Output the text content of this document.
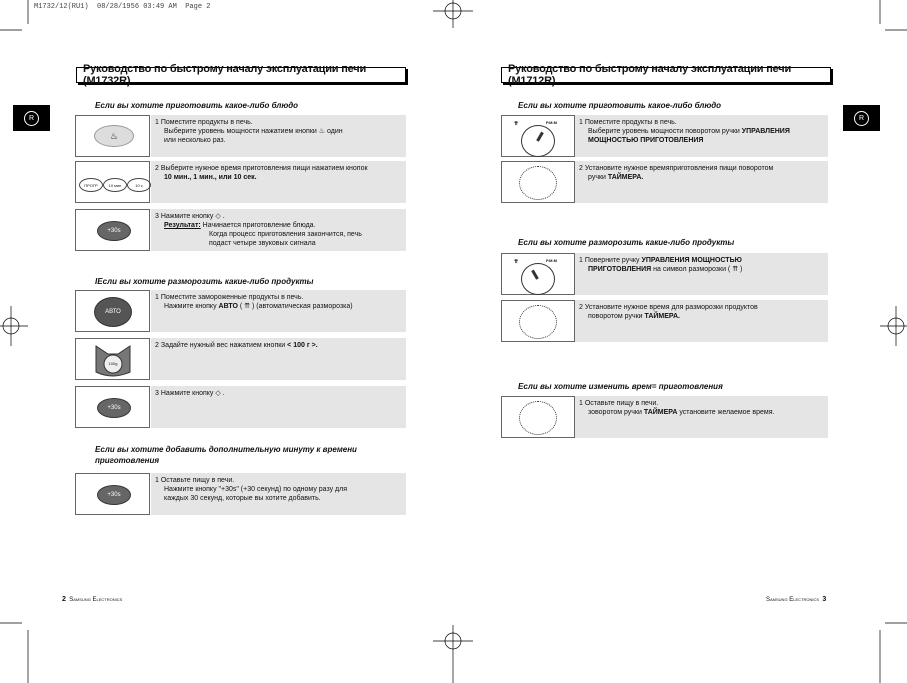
M1732/12(RU1)  08/28/1956 03:49 AM  Page 2
R	R
Руководство по быстрому началу эксплуатации печи (M1732R)
Если вы хотите приготовить какое-либо блюдо
♨

1 Поместите продукты в печь.

Выберите уровень мощности нажатием кнопки ♨ один

или несколько раз.

ПРОГР	10 мин	10 с

2 Выберите нужное время приготовления пищи нажатием кнопок

10 мин., 1 мин., или 10 сек.

+30s

3 Нажмите кнопку ◇ .

Результат: Начинается приготовление блюда.

Когда процесс приготовления закончится, печь

подаст четыре звуковых сигнала

IЕсли вы хотите разморозить какие-либо продукты
АВТО

1 Поместите замороженные продукты в печь.

Нажмите кнопку АВТО ( ⇈ ) (автоматическая разморозка)

100g

2 Задайте нужный вес нажатием кнопки < 100 г >.

+30s

3 Нажмите кнопку ◇ .

Если вы хотите добавить дополнительную минуту к времени приготовления
+30s

1 Оставьте пищу в печи.

Нажмите кнопку "+30s" (+30 секунд) по одному разу для

каждых 30 секунд, которые вы хотите добавить.

2 Samsung Electronics
Руководство по быстрому началу эксплуатации печи (M1712R)
Если вы хотите приготовить какое-либо блюдо
⇈	Р.М.М	1 Поместите продукты в печь.

Выберите уровень мощности поворотом ручки УПРАВЛЕНИЯ

МОЩНОСТЬЮ ПРИГОТОВЛЕНИЯ

2 Установите нужное времяприготовления пищи поворотом

ручки ТАЙМЕРА.

Если вы хотите разморозить какие-либо продукты
⇈	Р.М.М	1 Поверните ручку УПРАВЛЕНИЯ МОЩНОСТЬЮ

ПРИГОТОВЛЕНИЯ на символ разморозки ( ⇈ )

2 Установите нужное время для разморозки продуктов

поворотом ручки ТАЙМЕРА.

Если вы хотите изменить врем= приготовления

1 Оставьте пищу в печи.

зоворотом ручки ТАЙМЕРА установите желаемое время.

Samsung Electronics 3
